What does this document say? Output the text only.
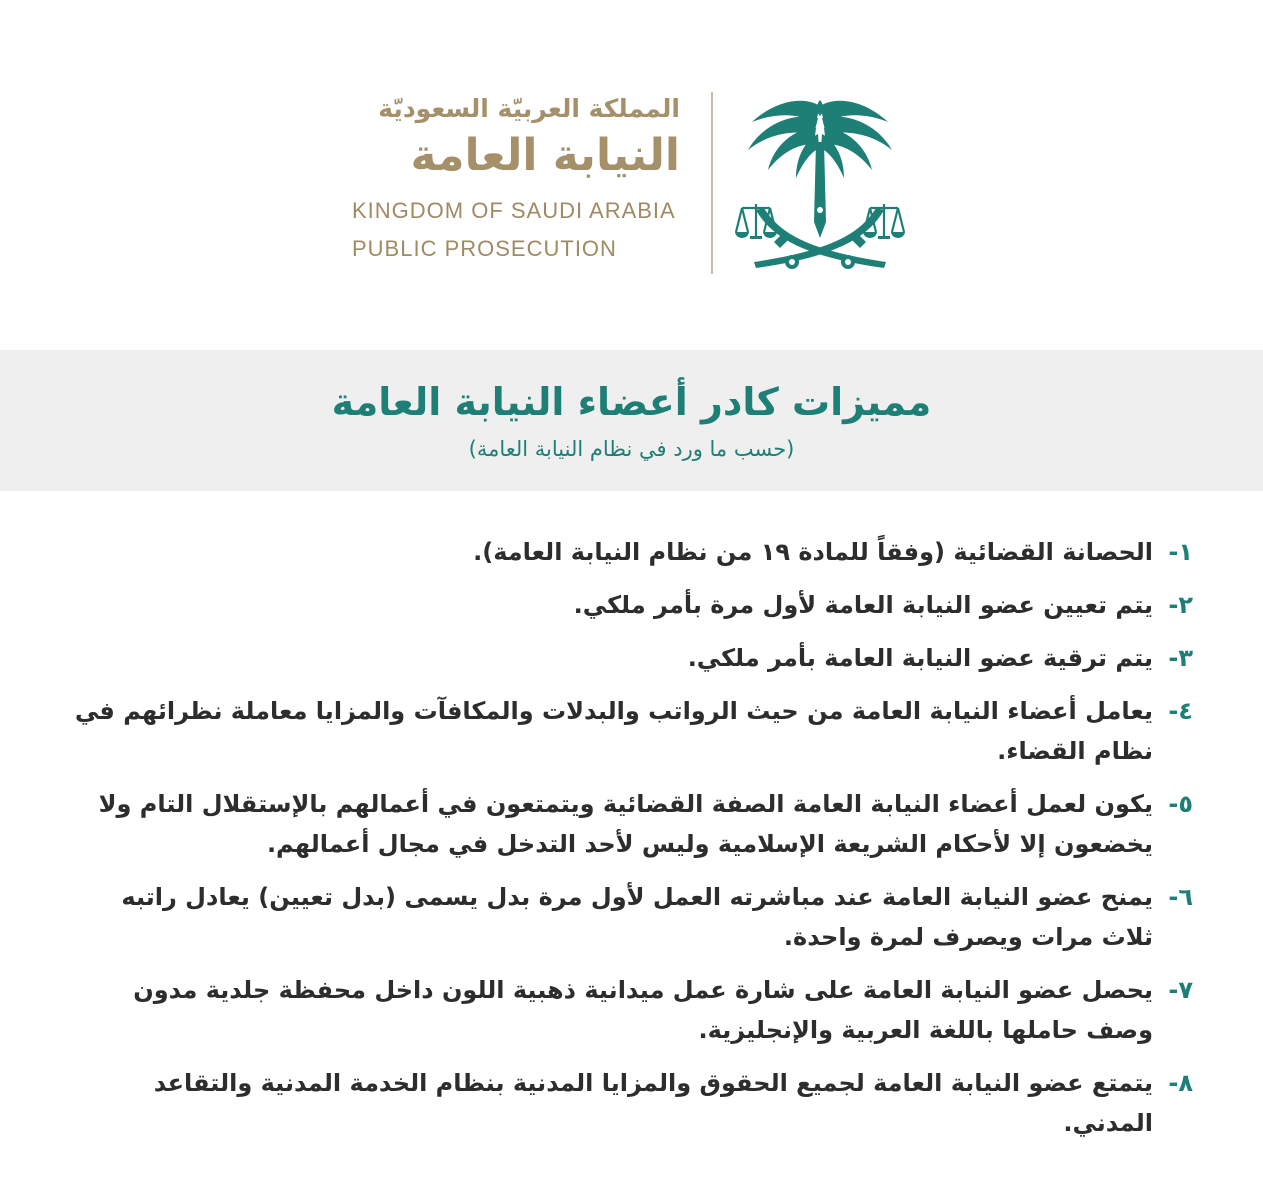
المملكة العربيّة السعوديّة
النيابة العامة
KINGDOM OF SAUDI ARABIA
PUBLIC PROSECUTION
مميزات كادر أعضاء النيابة العامة
(حسب ما ورد في نظام النيابة العامة)
١-
الحصانة القضائية (وفقاً للمادة ١٩ من نظام النيابة العامة).
٢-
يتم تعيين عضو النيابة العامة لأول مرة بأمر ملكي.
٣-
يتم ترقية عضو النيابة العامة بأمر ملكي.
٤-
يعامل أعضاء النيابة العامة من حيث الرواتب والبدلات والمكافآت والمزايا معاملة نظرائهم في نظام القضاء.
٥-
يكون لعمل أعضاء النيابة العامة الصفة القضائية ويتمتعون في أعمالهم بالإستقلال التام ولا يخضعون إلا لأحكام الشريعة الإسلامية وليس لأحد التدخل في مجال أعمالهم.
٦-
يمنح عضو النيابة العامة عند مباشرته العمل لأول مرة بدل يسمى (بدل تعيين) يعادل راتبه ثلاث مرات ويصرف لمرة واحدة.
٧-
يحصل عضو النيابة العامة على شارة عمل ميدانية ذهبية اللون داخل محفظة جلدية مدون وصف حاملها باللغة العربية والإنجليزية.
٨-
يتمتع عضو النيابة العامة لجميع الحقوق والمزايا المدنية بنظام الخدمة المدنية والتقاعد المدني.
